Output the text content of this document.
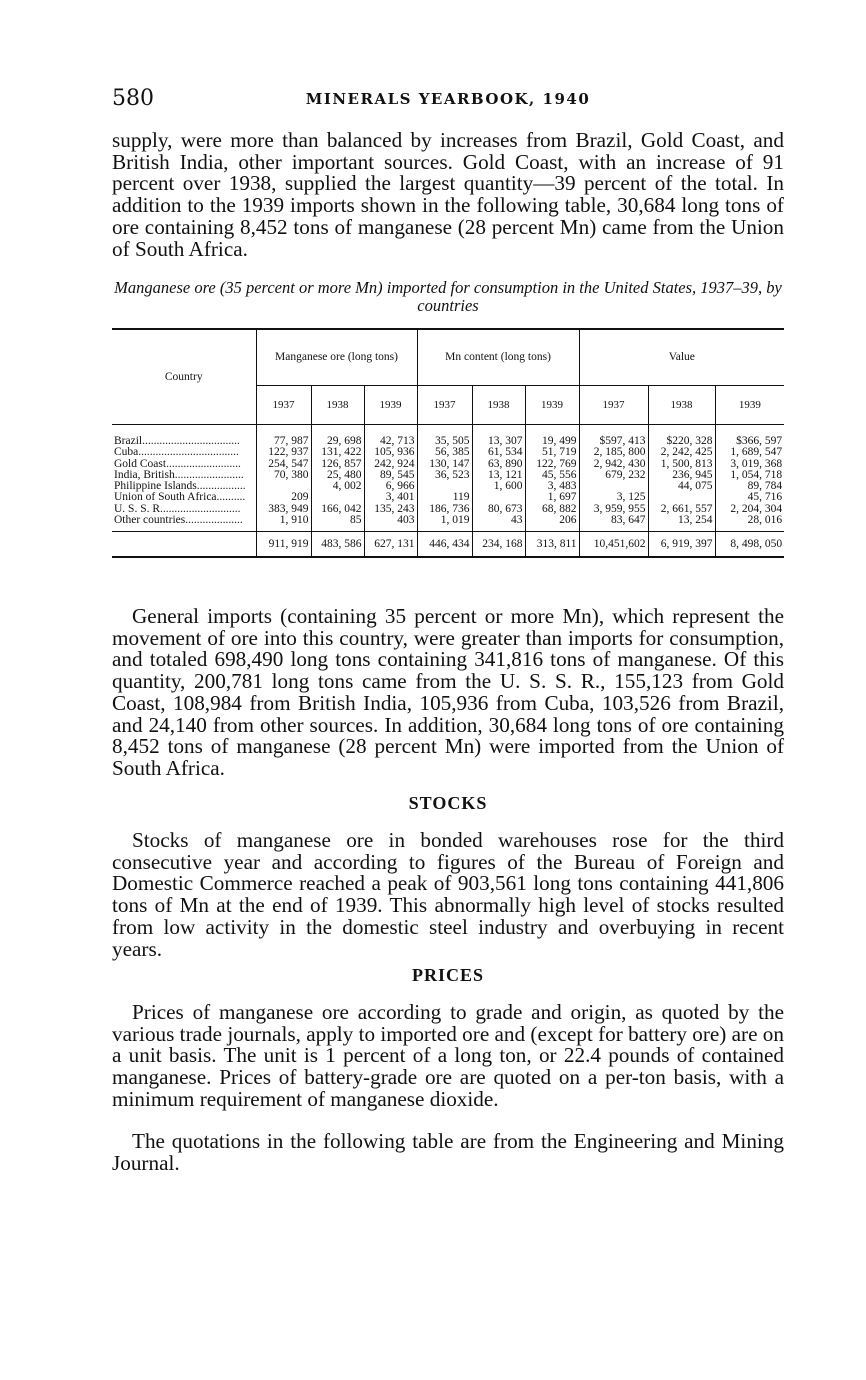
580	MINERALS YEARBOOK, 1940

supply, were more than balanced by increases from Brazil, Gold Coast, and British India, other important sources. Gold Coast, with an increase of 91 percent over 1938, supplied the largest quantity—39 percent of the total. In addition to the 1939 imports shown in the following table, 30,684 long tons of ore containing 8,452 tons of manganese (28 percent Mn) came from the Union of South Africa.

Manganese ore (35 percent or more Mn) imported for consumption in the United States, 1937–39, by countries
Country	Manganese ore (long tons)			Mn content (long tons)			Value		
	1937	1938	1939	1937	1938	1939	1937	1938	1939
Brazil..................................	77, 987	29, 698	42, 713	35, 505	13, 307	19, 499	$597, 413	$220, 328	$366, 597
Cuba...................................	122, 937	131, 422	105, 936	56, 385	61, 534	51, 719	2, 185, 800	2, 242, 425	1, 689, 547
Gold Coast..........................	254, 547	126, 857	242, 924	130, 147	63, 890	122, 769	2, 942, 430	1, 500, 813	3, 019, 368
India, British........................	70, 380	25, 480	89, 545	36, 523	13, 121	45, 556	679, 232	236, 945	1, 054, 718
Philippine Islands.................		4, 002	6, 966		1, 600	3, 483		44, 075	89, 784
Union of South Africa..........	209		3, 401	119		1, 697	3, 125		45, 716
U. S. S. R............................	383, 949	166, 042	135, 243	186, 736	80, 673	68, 882	3, 959, 955	2, 661, 557	2, 204, 304
Other countries....................	1, 910	85	403	1, 019	43	206	83, 647	13, 254	28, 016
	911, 919	483, 586	627, 131	446, 434	234, 168	313, 811	10,451,602	6, 919, 397	8, 498, 050

General imports (containing 35 percent or more Mn), which represent the movement of ore into this country, were greater than imports for consumption, and totaled 698,490 long tons containing 341,816 tons of manganese. Of this quantity, 200,781 long tons came from the U. S. S. R., 155,123 from Gold Coast, 108,984 from British India, 105,936 from Cuba, 103,526 from Brazil, and 24,140 from other sources. In addition, 30,684 long tons of ore containing 8,452 tons of manganese (28 percent Mn) were imported from the Union of South Africa.

STOCKS

Stocks of manganese ore in bonded warehouses rose for the third consecutive year and according to figures of the Bureau of Foreign and Domestic Commerce reached a peak of 903,561 long tons containing 441,806 tons of Mn at the end of 1939. This abnormally high level of stocks resulted from low activity in the domestic steel industry and overbuying in recent years.

PRICES

Prices of manganese ore according to grade and origin, as quoted by the various trade journals, apply to imported ore and (except for battery ore) are on a unit basis. The unit is 1 percent of a long ton, or 22.4 pounds of contained manganese. Prices of battery-grade ore are quoted on a per-ton basis, with a minimum requirement of manganese dioxide.

The quotations in the following table are from the Engineering and Mining Journal.
